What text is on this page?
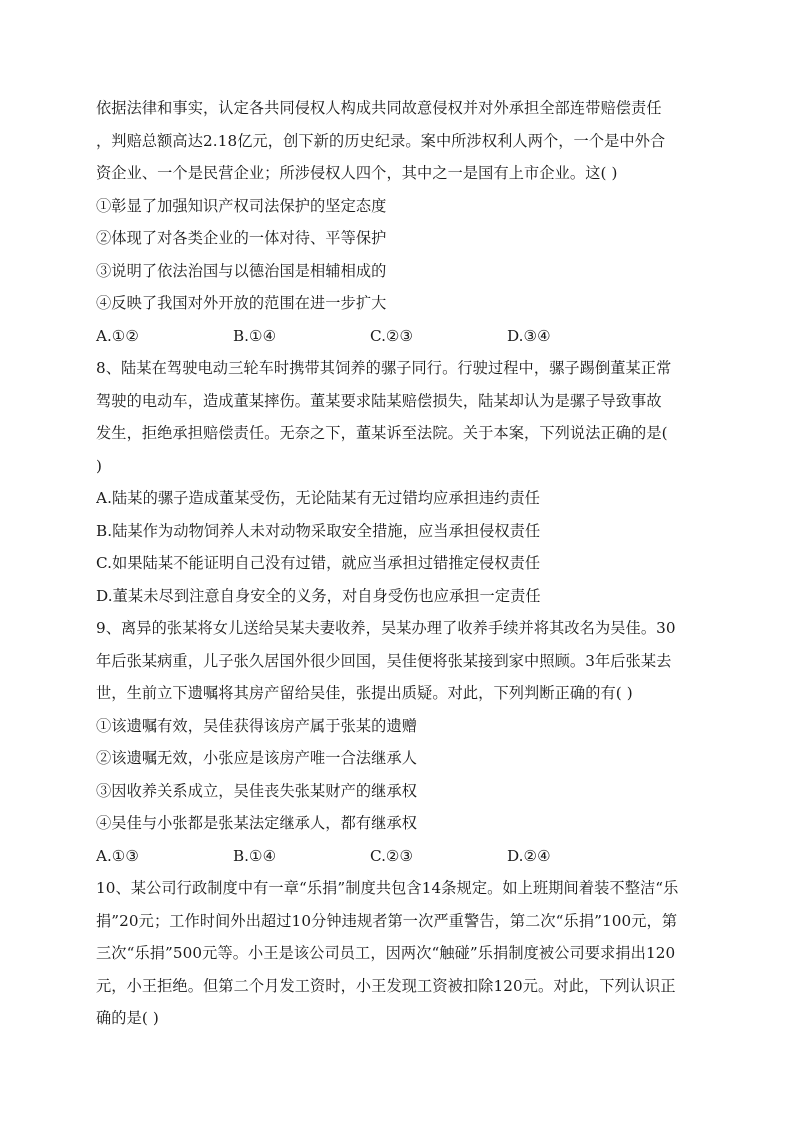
依据法律和事实，认定各共同侵权人构成共同故意侵权并对外承担全部连带赔偿责任
，判赔总额高达2.18亿元，创下新的历史纪录。案中所涉权利人两个，一个是中外合
资企业、一个是民营企业；所涉侵权人四个，其中之一是国有上市企业。这( )
①彰显了加强知识产权司法保护的坚定态度
②体现了对各类企业的一体对待、平等保护
③说明了依法治国与以德治国是相辅相成的
④反映了我国对外开放的范围在进一步扩大
A.①②	B.①④	C.②③	D.③④
8、陆某在驾驶电动三轮车时携带其饲养的骡子同行。行驶过程中，骡子踢倒董某正常
驾驶的电动车，造成董某摔伤。董某要求陆某赔偿损失，陆某却认为是骡子导致事故
发生，拒绝承担赔偿责任。无奈之下，董某诉至法院。关于本案，下列说法正确的是(
)
A.陆某的骡子造成董某受伤，无论陆某有无过错均应承担违约责任
B.陆某作为动物饲养人未对动物采取安全措施，应当承担侵权责任
C.如果陆某不能证明自己没有过错，就应当承担过错推定侵权责任
D.董某未尽到注意自身安全的义务，对自身受伤也应承担一定责任
9、离异的张某将女儿送给吴某夫妻收养，吴某办理了收养手续并将其改名为吴佳。30
年后张某病重，儿子张久居国外很少回国，吴佳便将张某接到家中照顾。3年后张某去
世，生前立下遗嘱将其房产留给吴佳，张提出质疑。对此，下列判断正确的有( )
①该遗嘱有效，吴佳获得该房产属于张某的遗赠
②该遗嘱无效，小张应是该房产唯一合法继承人
③因收养关系成立，吴佳丧失张某财产的继承权
④吴佳与小张都是张某法定继承人，都有继承权
A.①③	B.①④	C.②③	D.②④
10、某公司行政制度中有一章“乐捐”制度共包含14条规定。如上班期间着装不整洁“乐
捐”20元；工作时间外出超过10分钟违规者第一次严重警告，第二次“乐捐”100元，第
三次“乐捐”500元等。小王是该公司员工，因两次“触碰”乐捐制度被公司要求捐出120
元，小王拒绝。但第二个月发工资时，小王发现工资被扣除120元。对此，下列认识正
确的是( )
